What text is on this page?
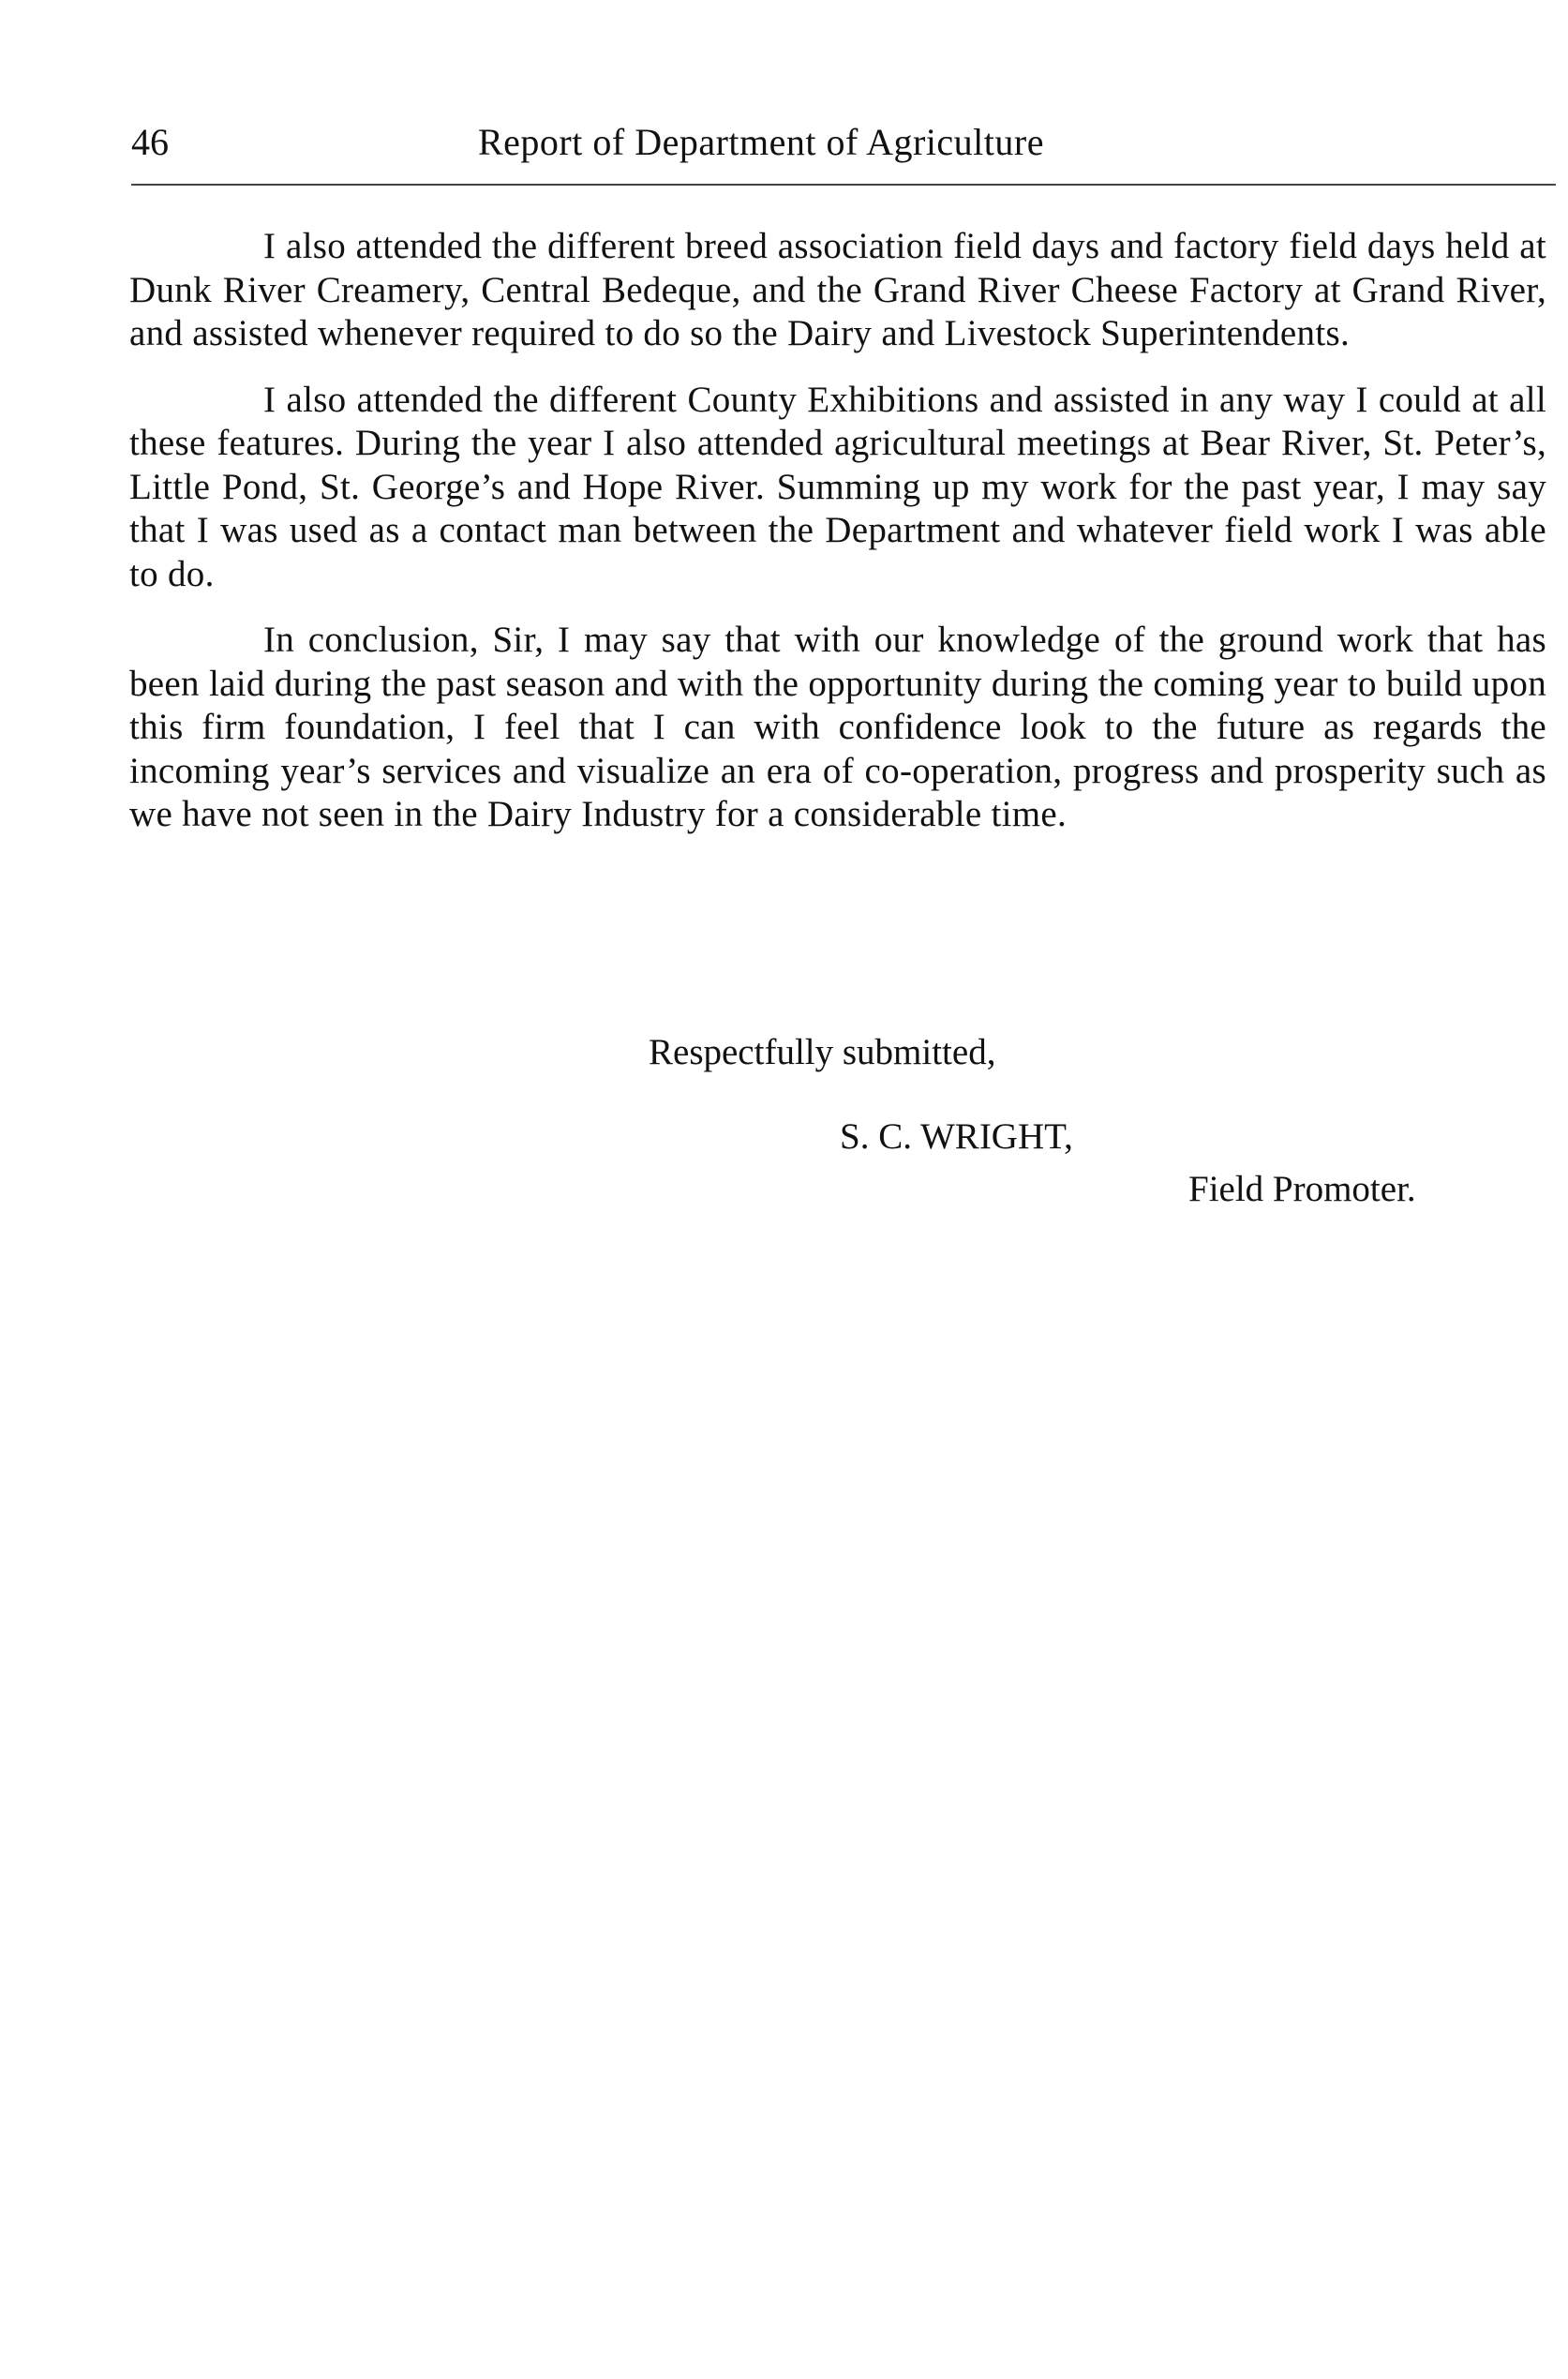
46	Report of Department of Agriculture

I also attended the different breed association field days and factory field days held at Dunk River Creamery, Central Bedeque, and the Grand River Cheese Factory at Grand River, and assisted whenever required to do so the Dairy and Livestock Superintendents.

I also attended the different County Exhibitions and assisted in any way I could at all these features. During the year I also attended agricultural meetings at Bear River, St. Peter’s, Little Pond, St. George’s and Hope River. Summing up my work for the past year, I may say that I was used as a contact man between the Department and whatever field work I was able to do.

In conclusion, Sir, I may say that with our knowledge of the ground work that has been laid during the past season and with the opportunity during the coming year to build upon this firm foundation, I feel that I can with confidence look to the future as regards the incoming year’s services and visualize an era of co-operation, progress and prosperity such as we have not seen in the Dairy Industry for a considerable time.

Respectfully submitted,
S. C. WRIGHT,
Field Promoter.
